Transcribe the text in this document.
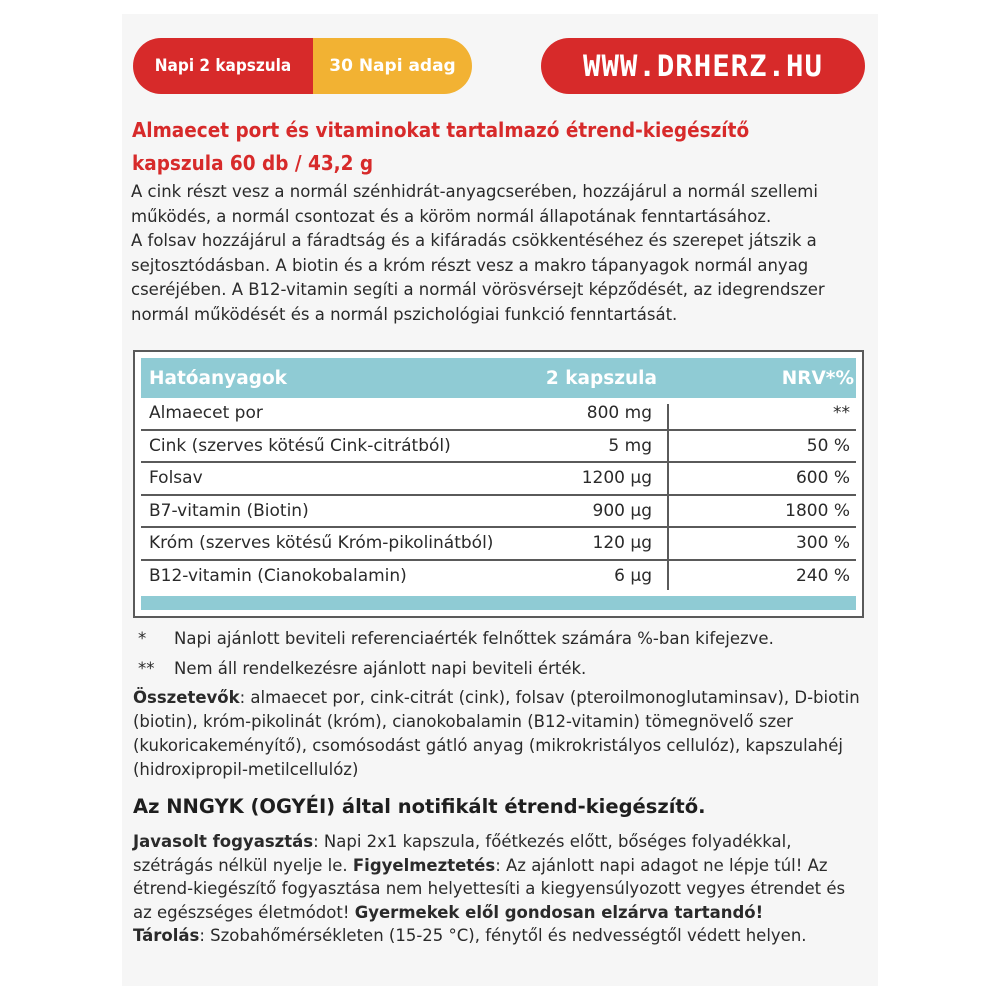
Napi 2 kapszula	30 Napi adag	WWW.DRHERZ.HU
Almaecet port és vitaminokat tartalmazó étrend-kiegészítő
kapszula 60 db / 43,2 g

A cink részt vesz a normál szénhidrát-anyagcserében, hozzájárul a normál szellemi működés, a normál csontozat és a köröm normál állapotának fenntartásához.

A folsav hozzájárul a fáradtság és a kifáradás csökkentéséhez és szerepet játszik a sejtosztódásban. A biotin és a króm részt vesz a makro tápanyagok normál anyag cseréjében. A B12-vitamin segíti a normál vörösvérsejt képződését, az idegrendszer normál működését és a normál pszichológiai funkció fenntartását.

Hatóanyagok	2 kapszula	NRV*%
Almaecet por	800 mg	**
Cink (szerves kötésű Cink-citrátból)	5 mg	50 %
Folsav	1200 µg	600 %
B7-vitamin (Biotin)	900 µg	1800 %
Króm (szerves kötésű Króm-pikolinátból)	120 µg	300 %
B12-vitamin (Cianokobalamin)	6 µg	240 %
* Napi ajánlott beviteli referenciaérték felnőttek számára %-ban kifejezve.
** Nem áll rendelkezésre ajánlott napi beviteli érték.
Összetevők: almaecet por, cink-citrát (cink), folsav (pteroilmonoglutaminsav), D-biotin (biotin), króm-pikolinát (króm), cianokobalamin (B12-vitamin) tömegnövelő szer (kukoricakeményítő), csomósodást gátló anyag (mikrokristályos cellulóz), kapszulahéj (hidroxipropil-metilcellulóz)
Az NNGYK (OGYÉI) által notifikált étrend-kiegészítő.
Javasolt fogyasztás: Napi 2x1 kapszula, főétkezés előtt, bőséges folyadékkal, szétrágás nélkül nyelje le. Figyelmeztetés: Az ajánlott napi adagot ne lépje túl! Az étrend-kiegészítő fogyasztása nem helyettesíti a kiegyensúlyozott vegyes étrendet és az egészséges életmódot! Gyermekek elől gondosan elzárva tartandó!
Tárolás: Szobahőmérsékleten (15-25 °C), fénytől és nedvességtől védett helyen.
